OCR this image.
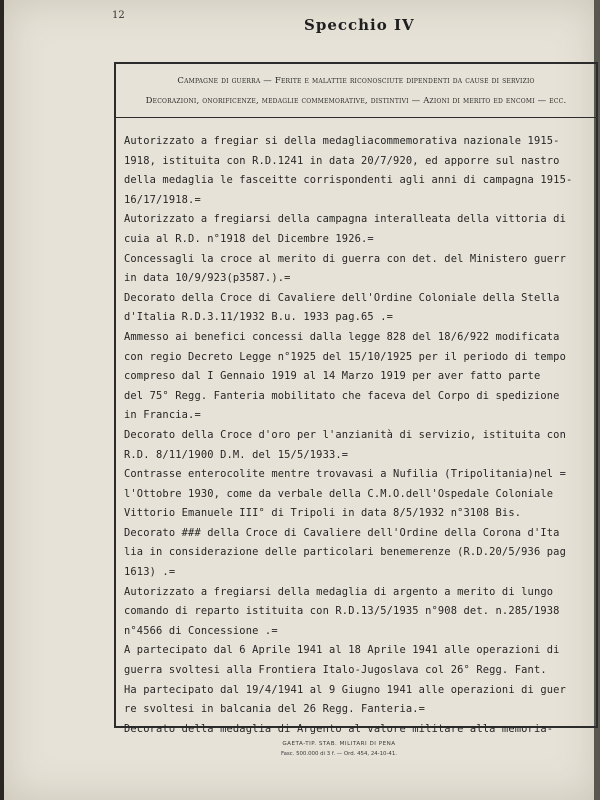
12
Specchio IV
Campagne di guerra — Ferite e malattie riconosciute dipendenti da cause di servizio
Decorazioni, onorificenze, medaglie commemorative, distintivi — Azioni di merito ed encomi — ecc.
Autorizzato a fregiar si della medagliacommemorativa nazionale 1915-
1918, istituita con R.D.1241 in data 20/7/920, ed apporre sul nastro
della medaglia le fasceitte corrispondenti agli anni di campagna 1915-
16/17/1918.=
Autorizzato a fregiarsi della campagna interalleata della vittoria di
cuia al R.D. n°1918 del Dicembre 1926.=
Concessagli la croce al merito di guerra con det. del Ministero guerr
in data 10/9/923(p3587.).=
Decorato della Croce di Cavaliere dell'Ordine Coloniale della Stella
d'Italia R.D.3.11/1932 B.u. 1933 pag.65 .=
Ammesso ai benefici concessi dalla legge 828 del 18/6/922 modificata
con regio Decreto Legge n°1925 del 15/10/1925 per il periodo di tempo
compreso dal I Gennaio 1919 al 14 Marzo 1919 per aver fatto parte
del 75° Regg. Fanteria mobilitato che faceva del Corpo di spedizione
in Francia.=
Decorato della Croce d'oro per l'anzianità di servizio, istituita con
R.D. 8/11/1900 D.M. del 15/5/1933.=
Contrasse enterocolite mentre trovavasi a Nufilia (Tripolitania)nel =
l'Ottobre 1930, come da verbale della C.M.O.dell'Ospedale Coloniale
Vittorio Emanuele III° di Tripoli in data 8/5/1932 n°3108 Bis.
Decorato ### della Croce di Cavaliere dell'Ordine della Corona d'Ita
lia in considerazione delle particolari benemerenze (R.D.20/5/936 pag
1613) .=
Autorizzato a fregiarsi della medaglia di argento a merito di lungo
comando di reparto istituita con R.D.13/5/1935 n°908 det. n.285/1938
n°4566 di Concessione .=
A partecipato dal 6 Aprile 1941 al 18 Aprile 1941 alle operazioni di
guerra svoltesi alla Frontiera Italo-Jugoslava col 26° Regg. Fant.
Ha partecipato dal 19/4/1941 al 9 Giugno 1941 alle operazioni di guer
re svoltesi in balcania del 26 Regg. Fanteria.=
Decorato della medaglia di Argento al valore militare alla memoria-
GAETA-TIP. STAB. MILITARI DI PENA
Fasc. 500.000 di 3 f. — Ord. 454, 24-10-41.
